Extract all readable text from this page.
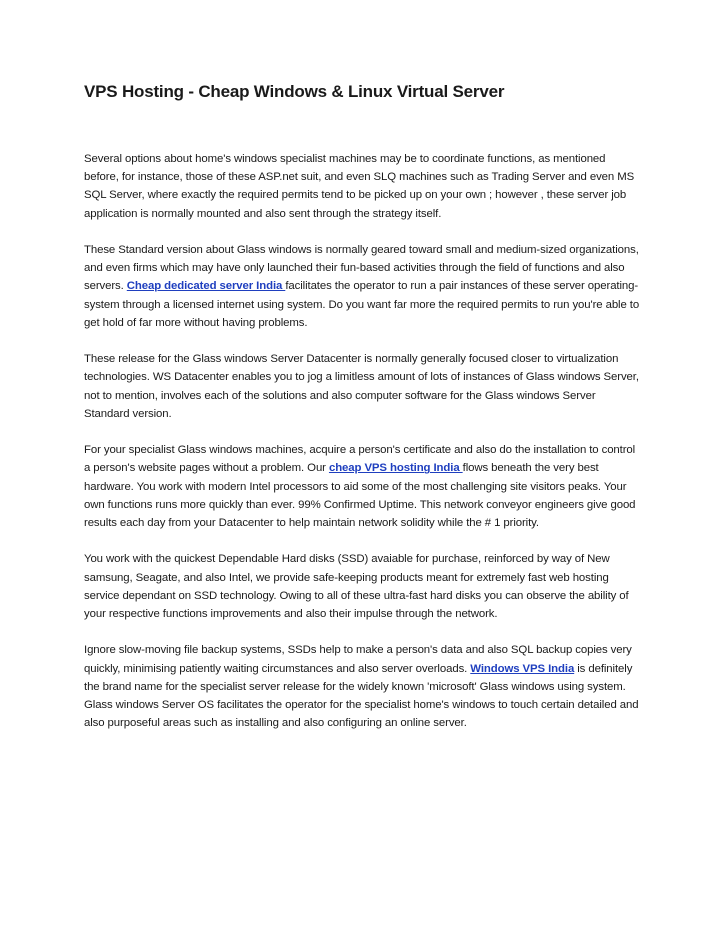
VPS Hosting - Cheap Windows & Linux Virtual Server

Several options about home's windows specialist machines may be to coordinate functions, as mentioned before, for instance, those of these ASP.net suit, and even SLQ machines such as Trading Server and even MS SQL Server, where exactly the required permits tend to be picked up on your own ; however , these server job application is normally mounted and also sent through the strategy itself.

These Standard version about Glass windows is normally geared toward small and medium-sized organizations, and even firms which may have only launched their fun-based activities through the field of functions and also servers. Cheap dedicated server India facilitates the operator to run a pair instances of these server operating-system through a licensed internet using system. Do you want far more the required permits to run you're able to get hold of far more without having problems.

These release for the Glass windows Server Datacenter is normally generally focused closer to virtualization technologies. WS Datacenter enables you to jog a limitless amount of lots of instances of Glass windows Server, not to mention, involves each of the solutions and also computer software for the Glass windows Server Standard version.

For your specialist Glass windows machines, acquire a person's certificate and also do the installation to control a person's website pages without a problem. Our cheap VPS hosting India flows beneath the very best hardware. You work with modern Intel processors to aid some of the most challenging site visitors peaks. Your own functions runs more quickly than ever. 99% Confirmed Uptime. This network conveyor engineers give good results each day from your Datacenter to help maintain network solidity while the # 1 priority.

You work with the quickest Dependable Hard disks (SSD) avaiable for purchase, reinforced by way of New samsung, Seagate, and also Intel, we provide safe-keeping products meant for extremely fast web hosting service dependant on SSD technology. Owing to all of these ultra-fast hard disks you can observe the ability of your respective functions improvements and also their impulse through the network.

Ignore slow-moving file backup systems, SSDs help to make a person's data and also SQL backup copies very quickly, minimising patiently waiting circumstances and also server overloads. Windows VPS India is definitely the brand name for the specialist server release for the widely known 'microsoft' Glass windows using system. Glass windows Server OS facilitates the operator for the specialist home's windows to touch certain detailed and also purposeful areas such as installing and also configuring an online server.
